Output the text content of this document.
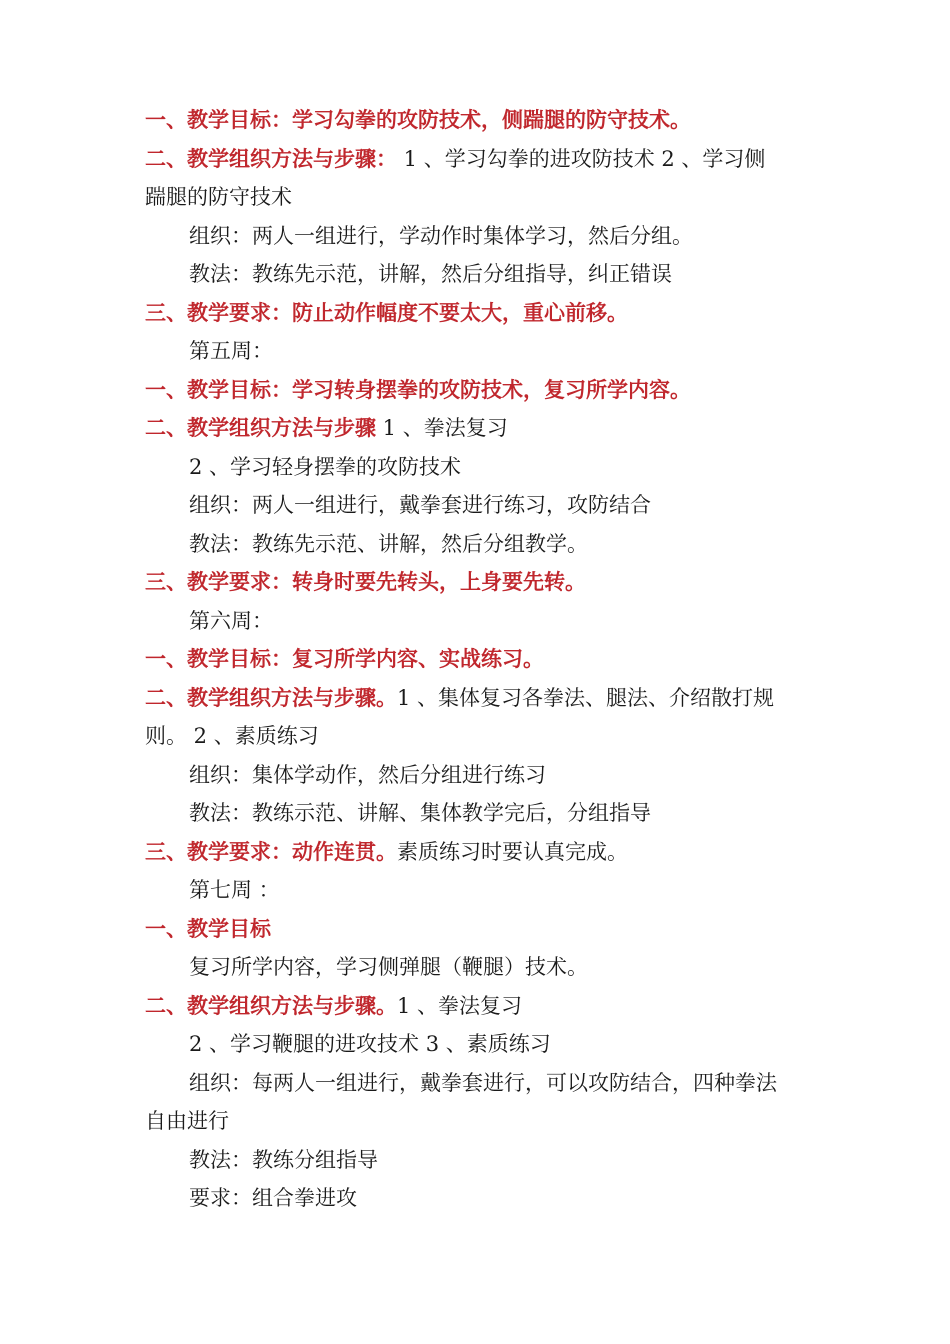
一、教学目标：学习勾拳的攻防技术，侧踹腿的防守技术。
二、教学组织方法与步骤： 1 、学习勾拳的进攻防技术 2 、学习侧
踹腿的防守技术
组织：两人一组进行，学动作时集体学习，然后分组。
教法：教练先示范，讲解，然后分组指导，纠正错误
三、教学要求：防止动作幅度不要太大，重心前移。
第五周：
一、教学目标：学习转身摆拳的攻防技术，复习所学内容。
二、教学组织方法与步骤 1 、拳法复习
2 、学习轻身摆拳的攻防技术
组织：两人一组进行，戴拳套进行练习，攻防结合
教法：教练先示范、讲解，然后分组教学。
三、教学要求：转身时要先转头，上身要先转。
第六周：
一、教学目标：复习所学内容、实战练习。
二、教学组织方法与步骤。1 、集体复习各拳法、腿法、介绍散打规
则。 2 、素质练习
组织：集体学动作，然后分组进行练习
教法：教练示范、讲解、集体教学完后，分组指导
三、教学要求：动作连贯。素质练习时要认真完成。
第七周 ：
一、教学目标
复习所学内容，学习侧弹腿（鞭腿）技术。
二、教学组织方法与步骤。1 、拳法复习
2 、学习鞭腿的进攻技术 3 、素质练习
组织：每两人一组进行，戴拳套进行，可以攻防结合，四种拳法
自由进行
教法：教练分组指导
要求：组合拳进攻
